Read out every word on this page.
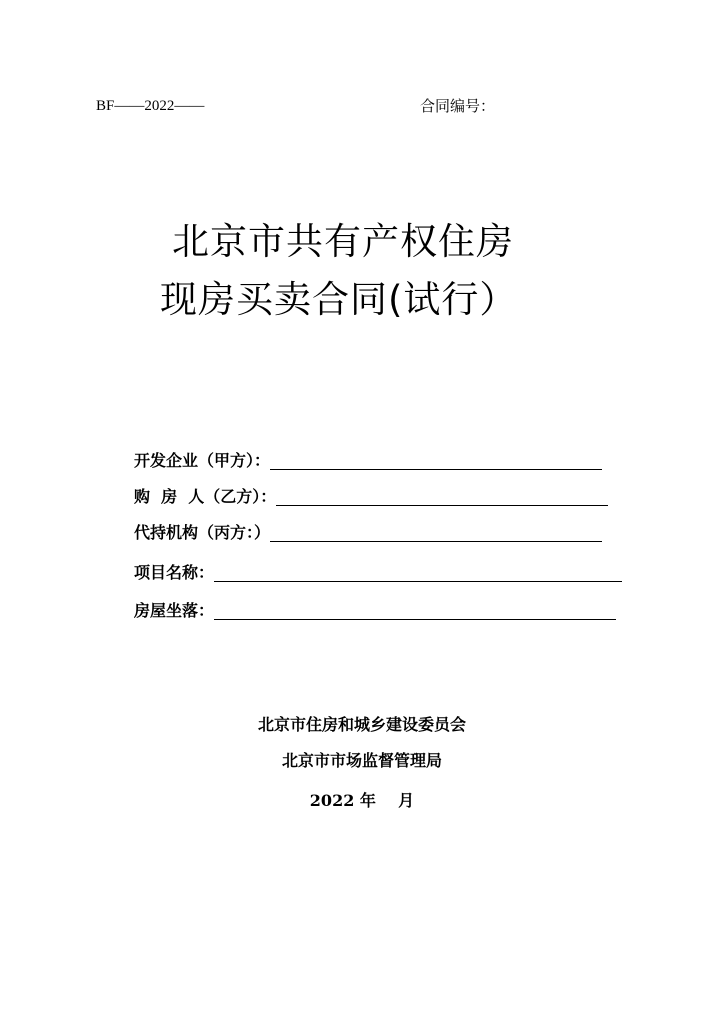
BF——2022——	合同编号：
北京市共有产权住房
现房买卖合同(试行）
开发企业（甲方）：
购  房  人（乙方）：
代持机构（丙方：）
项目名称：
房屋坐落：
北京市住房和城乡建设委员会
北京市市场监督管理局
2022 年    月
